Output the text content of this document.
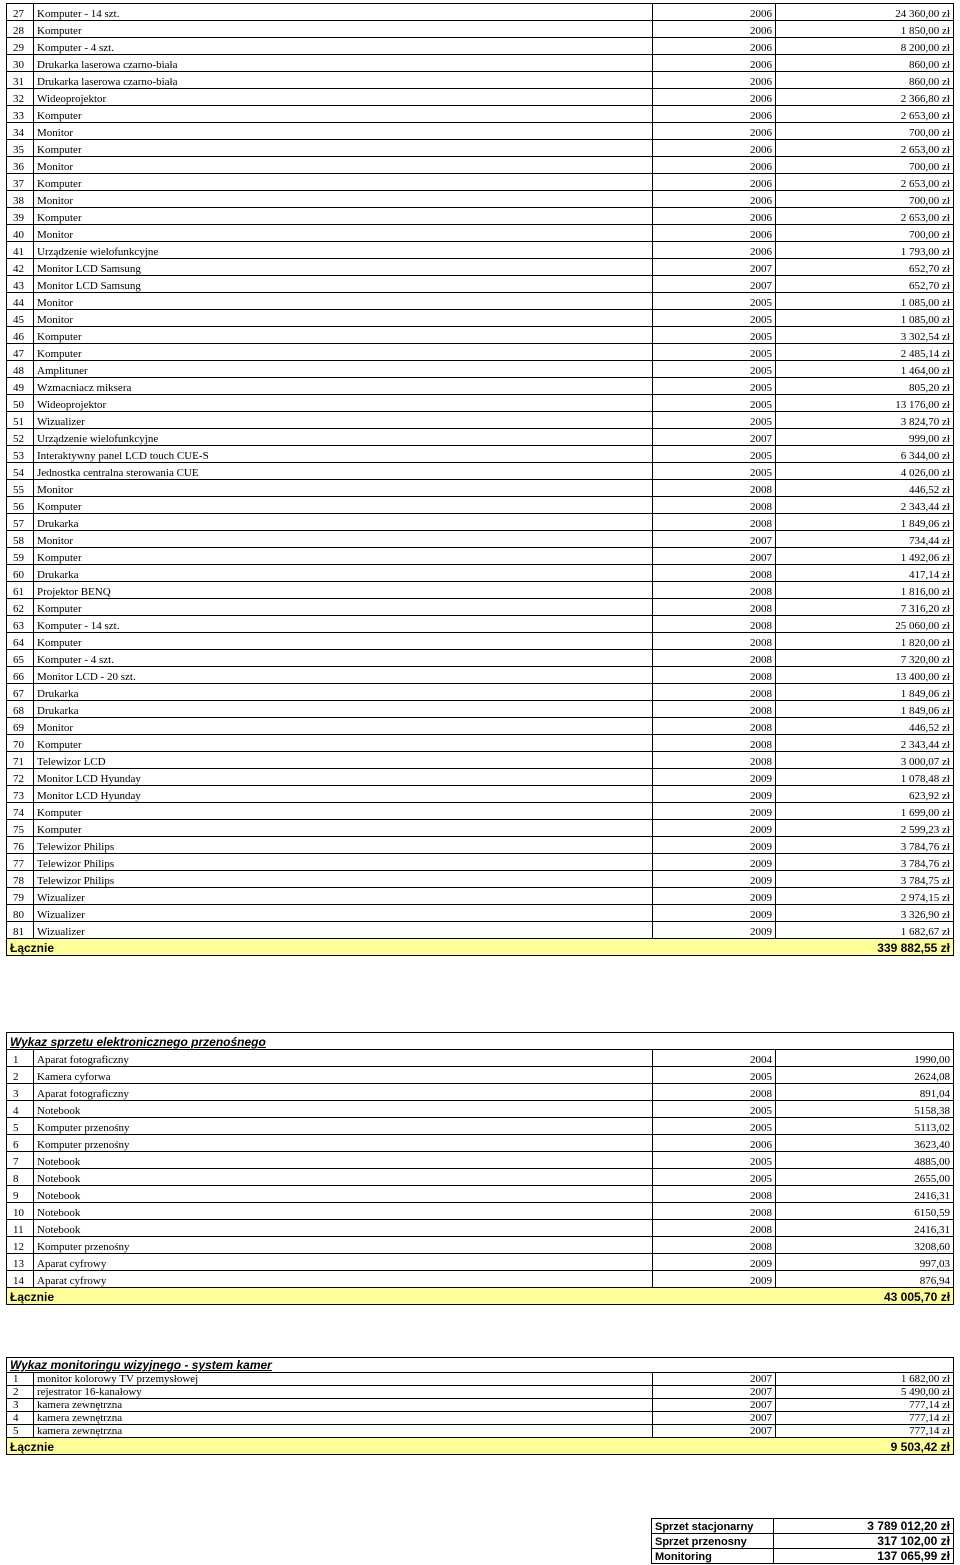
27	Komputer - 14 szt.	2006	24 360,00 zł
28	Komputer	2006	1 850,00 zł
29	Komputer - 4 szt.	2006	8 200,00 zł
30	Drukarka laserowa czarno-biała	2006	860,00 zł
31	Drukarka laserowa czarno-biała	2006	860,00 zł
32	Wideoprojektor	2006	2 366,80 zł
33	Komputer	2006	2 653,00 zł
34	Monitor	2006	700,00 zł
35	Komputer	2006	2 653,00 zł
36	Monitor	2006	700,00 zł
37	Komputer	2006	2 653,00 zł
38	Monitor	2006	700,00 zł
39	Komputer	2006	2 653,00 zł
40	Monitor	2006	700,00 zł
41	Urządzenie wielofunkcyjne	2006	1 793,00 zł
42	Monitor LCD Samsung	2007	652,70 zł
43	Monitor LCD Samsung	2007	652,70 zł
44	Monitor	2005	1 085,00 zł
45	Monitor	2005	1 085,00 zł
46	Komputer	2005	3 302,54 zł
47	Komputer	2005	2 485,14 zł
48	Amplituner	2005	1 464,00 zł
49	Wzmacniacz miksera	2005	805,20 zł
50	Wideoprojektor	2005	13 176,00 zł
51	Wizualizer	2005	3 824,70 zł
52	Urządzenie wielofunkcyjne	2007	999,00 zł
53	Interaktywny panel LCD touch CUE-S	2005	6 344,00 zł
54	Jednostka centralna sterowania CUE	2005	4 026,00 zł
55	Monitor	2008	446,52 zł
56	Komputer	2008	2 343,44 zł
57	Drukarka	2008	1 849,06 zł
58	Monitor	2007	734,44 zł
59	Komputer	2007	1 492,06 zł
60	Drukarka	2008	417,14 zł
61	Projektor BENQ	2008	1 816,00 zł
62	Komputer	2008	7 316,20 zł
63	Komputer - 14 szt.	2008	25 060,00 zł
64	Komputer	2008	1 820,00 zł
65	Komputer - 4 szt.	2008	7 320,00 zł
66	Monitor LCD - 20 szt.	2008	13 400,00 zł
67	Drukarka	2008	1 849,06 zł
68	Drukarka	2008	1 849,06 zł
69	Monitor	2008	446,52 zł
70	Komputer	2008	2 343,44 zł
71	Telewizor LCD	2008	3 000,07 zł
72	Monitor LCD Hyunday	2009	1 078,48 zł
73	Monitor LCD Hyunday	2009	623,92 zł
74	Komputer	2009	1 699,00 zł
75	Komputer	2009	2 599,23 zł
76	Telewizor Philips	2009	3 784,76 zł
77	Telewizor Philips	2009	3 784,76 zł
78	Telewizor Philips	2009	3 784,75 zł
79	Wizualizer	2009	2 974,15 zł
80	Wizualizer	2009	3 326,90 zł
81	Wizualizer	2009	1 682,67 zł
Łącznie			339 882,55 zł
Wykaz sprzetu elektronicznego przenośnego			
1	Aparat fotograficzny	2004	1990,00
2	Kamera cyforwa	2005	2624,08
3	Aparat fotograficzny	2008	891,04
4	Notebook	2005	5158,38
5	Komputer przenośny	2005	5113,02
6	Komputer przenośny	2006	3623,40
7	Notebook	2005	4885,00
8	Notebook	2005	2655,00
9	Notebook	2008	2416,31
10	Notebook	2008	6150,59
11	Notebook	2008	2416,31
12	Komputer przenośny	2008	3208,60
13	Aparat cyfrowy	2009	997,03
14	Aparat cyfrowy	2009	876,94
Łącznie			43 005,70 zł
Wykaz monitoringu wizyjnego - system kamer			
1	monitor kolorowy TV przemysłowej	2007	1 682,00 zł
2	rejestrator 16-kanałowy	2007	5 490,00 zł
3	kamera zewnętrzna	2007	777,14 zł
4	kamera zewnętrzna	2007	777,14 zł
5	kamera zewnętrzna	2007	777,14 zł
Łącznie			9 503,42 zł
Sprzet stacjonarny	3 789 012,20 zł
Sprzet przenosny	317 102,00 zł
Monitoring	137 065,99 zł
